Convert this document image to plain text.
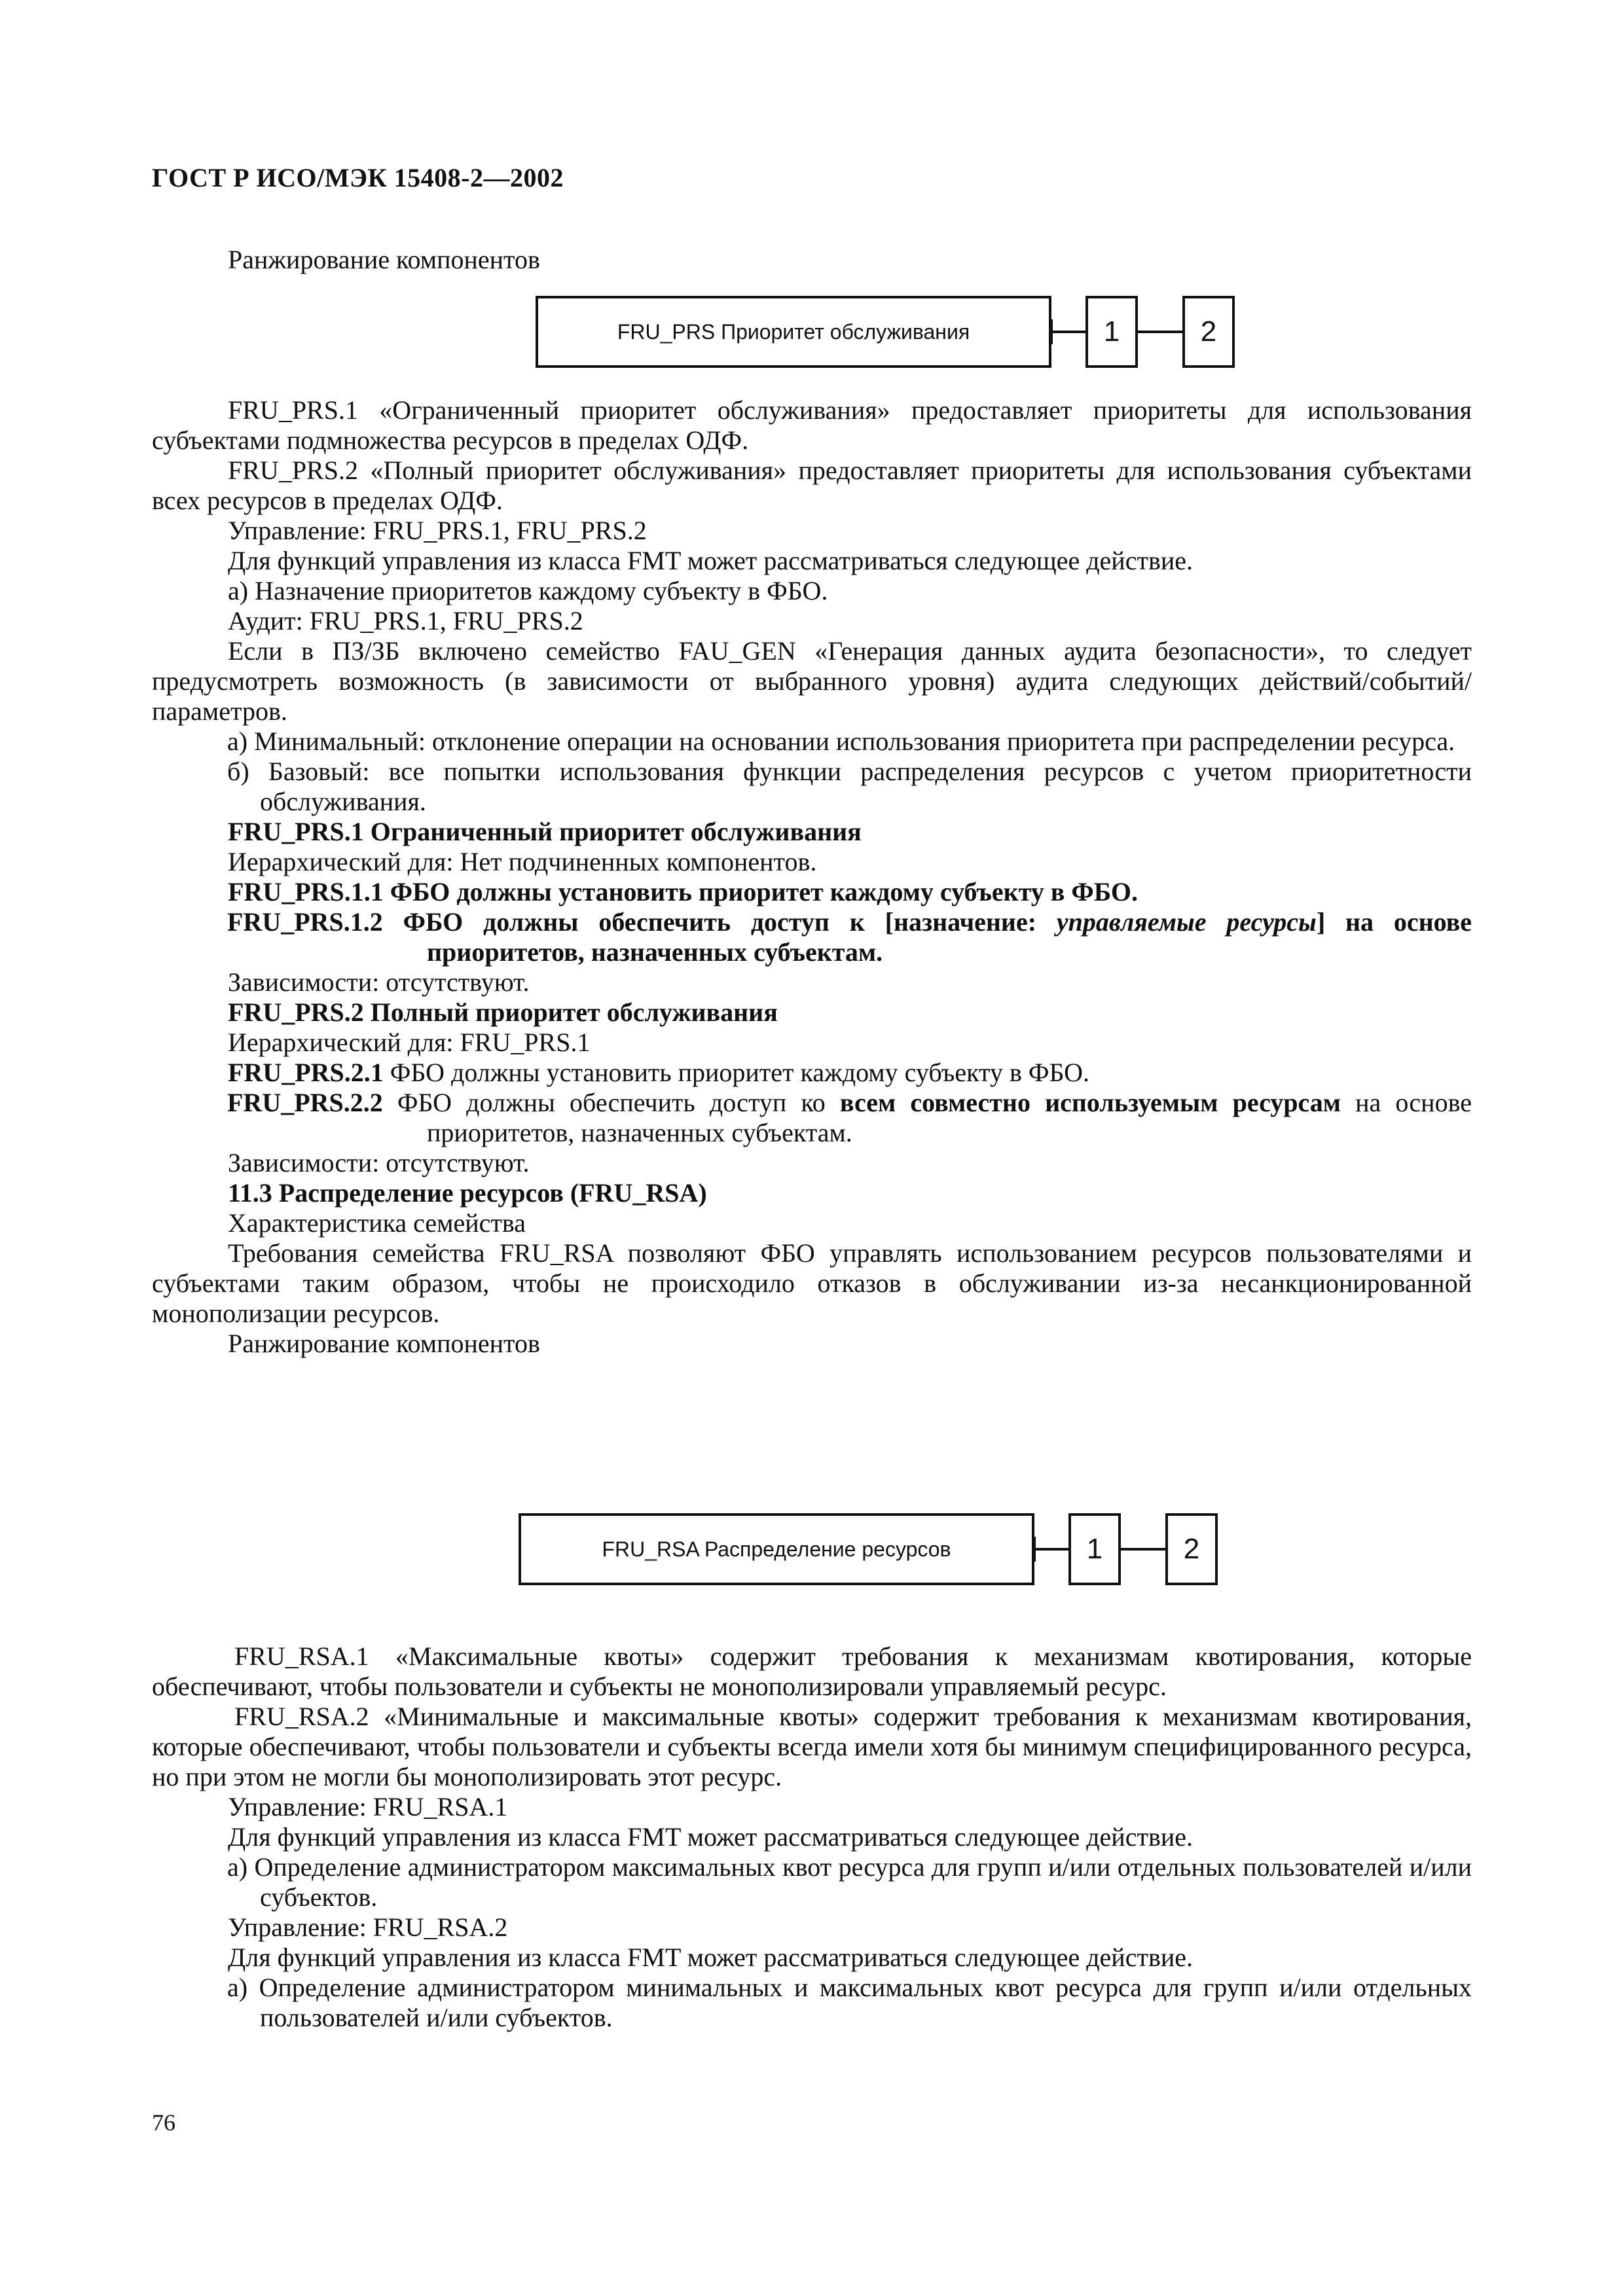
ГОСТ Р ИСО/МЭК 15408-2—2002

Ранжирование компонентов

FRU_PRS Приоритет обслуживания	1	2

FRU_PRS.1 «Ограниченный приоритет обслуживания» предоставляет приоритеты для использования субъектами подмножества ресурсов в пределах ОДФ.

FRU_PRS.2 «Полный приоритет обслуживания» предоставляет приоритеты для использования субъектами всех ресурсов в пределах ОДФ.

Управление: FRU_PRS.1, FRU_PRS.2

Для функций управления из класса FMT может рассматриваться следующее действие.

а) Назначение приоритетов каждому субъекту в ФБО.

Аудит: FRU_PRS.1, FRU_PRS.2

Если в ПЗ/ЗБ включено семейство FAU_GEN «Генерация данных аудита безопасности», то следует предусмотреть возможность (в зависимости от выбранного уровня) аудита следующих действий/событий/параметров.

а) Минимальный: отклонение операции на основании использования приоритета при распределении ресурса.

б) Базовый: все попытки использования функции распределения ресурсов с учетом приоритетности обслуживания.

FRU_PRS.1 Ограниченный приоритет обслуживания

Иерархический для: Нет подчиненных компонентов.

FRU_PRS.1.1 ФБО должны установить приоритет каждому субъекту в ФБО.

FRU_PRS.1.2 ФБО должны обеспечить доступ к [назначение: управляемые ресурсы] на основе приоритетов, назначенных субъектам.

Зависимости: отсутствуют.

FRU_PRS.2 Полный приоритет обслуживания

Иерархический для: FRU_PRS.1

FRU_PRS.2.1 ФБО должны установить приоритет каждому субъекту в ФБО.

FRU_PRS.2.2 ФБО должны обеспечить доступ ко всем совместно используемым ресурсам на основе приоритетов, назначенных субъектам.

Зависимости: отсутствуют.

11.3 Распределение ресурсов (FRU_RSA)

Характеристика семейства

Требования семейства FRU_RSA позволяют ФБО управлять использованием ресурсов пользователями и субъектами таким образом, чтобы не происходило отказов в обслуживании из-за несанкционированной монополизации ресурсов.

Ранжирование компонентов

FRU_RSA Распределение ресурсов	1	2

FRU_RSA.1 «Максимальные квоты» содержит требования к механизмам квотирования, которые обеспечивают, чтобы пользователи и субъекты не монополизировали управляемый ресурс.

FRU_RSA.2 «Минимальные и максимальные квоты» содержит требования к механизмам квотирования, которые обеспечивают, чтобы пользователи и субъекты всегда имели хотя бы минимум специфицированного ресурса, но при этом не могли бы монополизировать этот ресурс.

Управление: FRU_RSA.1

Для функций управления из класса FMT может рассматриваться следующее действие.

а) Определение администратором максимальных квот ресурса для групп и/или отдельных пользователей и/или субъектов.

Управление: FRU_RSA.2

Для функций управления из класса FMT может рассматриваться следующее действие.

а) Определение администратором минимальных и максимальных квот ресурса для групп и/или отдельных пользователей и/или субъектов.

76
